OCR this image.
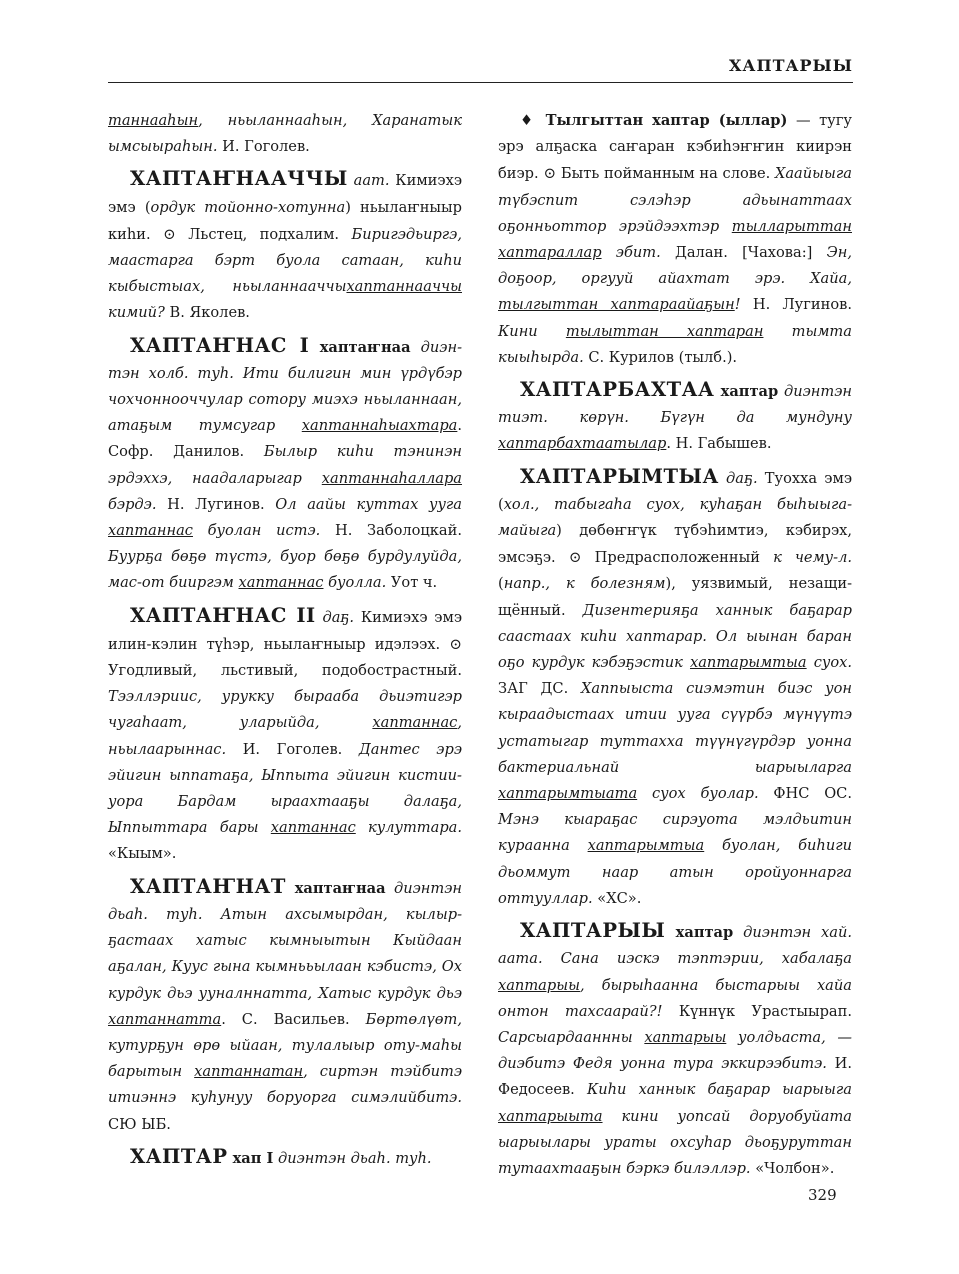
ХАПТАРЫЫ

таннааһын, ньыланнааһын, Харанатык ымсыыраһын. И. Гоголев.

ХАПТАҤНААЧЧЫ аат. Кимиэхэ эмэ (ордук тойонно-хотунна) ньылаҥныыр киһи. ⊙ Льстец, подхалим. Биригэдьиргэ, маастарга бэрт буола сатаан, киһи кыбыстыах, ньыланнааччыхаптаннааччы кимий? В. Яколев.

ХАПТАҤНАС I хаптаҥнаа диэнтэн холб. туһ. Ити билигин мин үрдүбэр чохчоннооччулар сотору миэхэ ньыланнаан, атаҕым тумсугар хаптаннаһыахтара. Софр. Данилов. Былыр киһи тэнинэн эрдэххэ, наадаларыгар хаптаннаһаллара бэрдэ. Н. Лугинов. Ол аайы куттах ууга хаптаннас буолан истэ. Н. Заболоцкай. Буурҕа бөҕө түстэ, буор бөҕө бурдулуйда, мас-от бииргэм хаптаннас буолла. Уот ч.

ХАПТАҤНАС II даҕ. Кимиэхэ эмэ илин-кэлин түһэр, ньылаҥныыр идэлээх. ⊙ Угодливый, льстивый, подобострастный. Тээллэриис, урукку бырааба дьиэтигэр чугаһаат, уларыйда, хаптаннас, ньылаарыннас. И. Гоголев. Дантес эрэ эйигин ыппатаҕа, Ыппыта эйигин кистии-уора Бардам ыраахтааҕы далаҕа, Ыппыттара бары хаптаннас кулуттара. «Кыым».

ХАПТАҤНАТ хаптаҥнаа диэнтэн дьаһ. туһ. Атын ахсымырдан, кылырҕастаах хатыс кымныытын Кыйдаан аҕалан, Куус гына кымнььылаан кэбистэ, Ох курдук дьэ ууналннатта, Хатыс курдук дьэ хаптаннатта. С. Васильев. Бөртөлүөт, кутурҕун өрө ыйаан, тулалыыр оту-маһы барытын хаптаннатан, сиртэн тэйбитэ итиэннэ куһунуу боруорга симэлийбитэ. СЮ ЫБ.

ХАПТАР хап I диэнтэн дьаһ. туһ.

♦ Тылгыттан хаптар (ыллар) — тугу эрэ алҕаска саҥаран кэбиһэҥҥин киирэн биэр. ⊙ Быть пойманным на слове. Хаайыыга түбэспит сэлэһэр адьынаттаах оҕонньоттор эрэйдээхтэр тылларыттан хаптараллар эбит. Далан. [Чахова:] Эн, доҕоор, оргууй айахтат эрэ. Хайа, тылгыттан хаптараайаҕын! Н. Лугинов. Кини тылыттан хаптаран тымта кыыһырда. С. Курилов (тылб.).

ХАПТАРБАХТАА хаптар диэнтэн тиэт. көрүн. Бүгүн да мундуну хаптарбахтаатылар. Н. Габышев.

ХАПТАРЫМТЫА даҕ. Туохха эмэ (хол., табыгаһа суох, куһаҕан быһыыгамайыга) дөбөҥҥүк түбэһимтиэ, кэбирэх, эмсэҕэ. ⊙ Предрасположенный к чему-л. (напр., к болезням), уязвимый, незащищённый. Дизентерияҕа ханнык баҕарар саастаах киһи хаптарар. Ол ыынан баран оҕо курдук кэбэҕэстик хаптарымтыа суох. ЗАГ ДС. Хаппыыста сиэмэтин биэс уон кыраадыстаах итии ууга сүүрбэ мүнүүтэ устатыгар туттахха түүнүгүрдэр уонна бактериальнай ыарыыларга хаптарымтыата суох буолар. ФНС ОС. Мэнэ кыараҕас сирэуота мэлдьитин кураанна хаптарымтыа буолан, биһиги дьоммут наар атын оройуоннарга оттууллар. «ХС».

ХАПТАРЫЫ хаптар диэнтэн хай. аата. Сана иэскэ тэптэрии, хабалаҕа хаптарыы, бырыһаанна быстарыы хайа онтон тахсаарай?! Күннүк Урастыырап. Сарсыардааннны хаптарыы уолдьаста, — диэбитэ Федя уонна тура эккирээбитэ. И. Федосеев. Киһи ханнык баҕарар ыарыыга хаптарыыта кини уопсай доруобуйата ыарыылары ураты охсуһар дьоҕуруттан тутаахтааҕын бэркэ билэллэр. «Чолбон».

329
